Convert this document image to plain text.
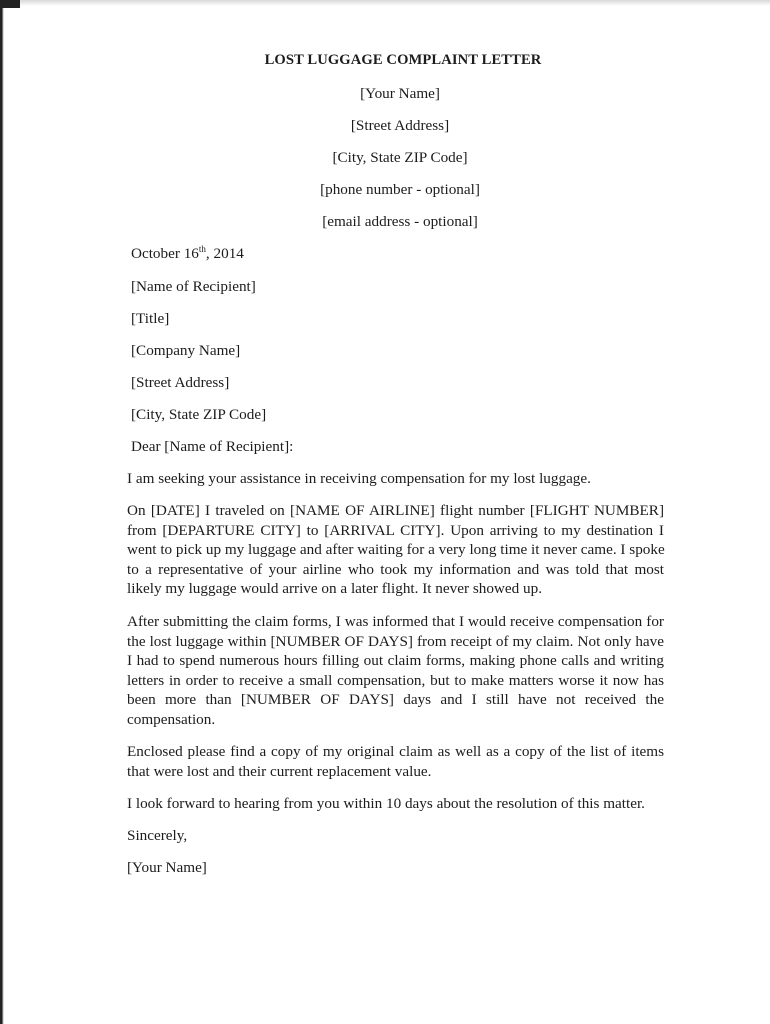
LOST LUGGAGE COMPLAINT LETTER
[Your Name]
[Street Address]
[City, State ZIP Code]
[phone number - optional]
[email address - optional]
October 16th, 2014
[Name of Recipient]
[Title]
[Company Name]
[Street Address]
[City, State ZIP Code]
Dear [Name of Recipient]:
I am seeking your assistance in receiving compensation for my lost luggage.
On [DATE] I traveled on [NAME OF AIRLINE] flight number [FLIGHT NUMBER]
from [DEPARTURE CITY] to [ARRIVAL CITY]. Upon arriving to my destination I
went to pick up my luggage and after waiting for a very long time it never came. I spoke
to a representative of your airline who took my information and was told that most
likely my luggage would arrive on a later flight. It never showed up.
After submitting the claim forms, I was informed that I would receive compensation for
the lost luggage within [NUMBER OF DAYS] from receipt of my claim. Not only have
I had to spend numerous hours filling out claim forms, making phone calls and writing
letters in order to receive a small compensation, but to make matters worse it now has
been more than [NUMBER OF DAYS] days and I still have not received the
compensation.
Enclosed please find a copy of my original claim as well as a copy of the list of items
that were lost and their current replacement value.
I look forward to hearing from you within 10 days about the resolution of this matter.
Sincerely,
[Your Name]
